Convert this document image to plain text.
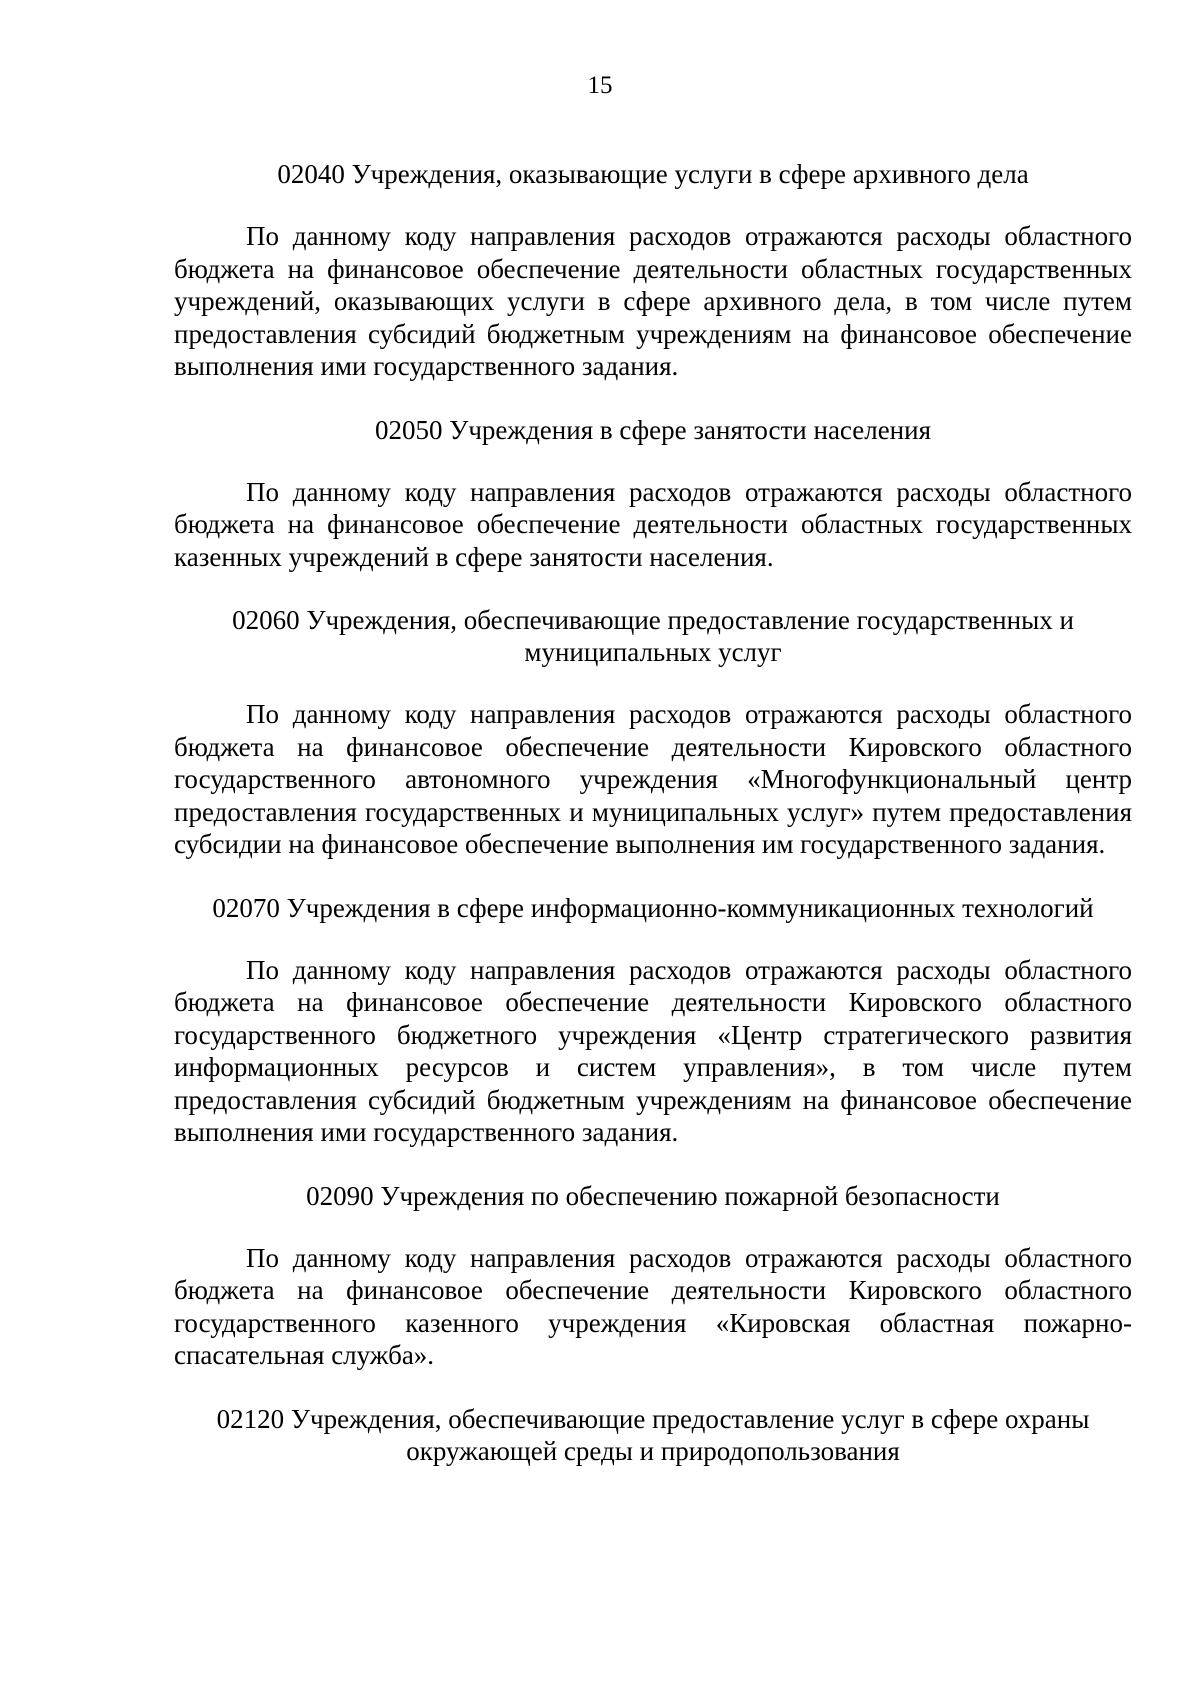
15
02040 Учреждения, оказывающие услуги в сфере архивного дела

По данному коду направления расходов отражаются расходы областного бюджета на финансовое обеспечение деятельности областных государственных учреждений, оказывающих услуги в сфере архивного дела, в том числе путем предоставления субсидий бюджетным учреждениям на финансовое обеспечение выполнения ими государственного задания.

02050 Учреждения в сфере занятости населения

По данному коду направления расходов отражаются расходы областного бюджета на финансовое обеспечение деятельности областных государственных казенных учреждений в сфере занятости населения.

02060 Учреждения, обеспечивающие предоставление государственных и муниципальных услуг

По данному коду направления расходов отражаются расходы областного бюджета на финансовое обеспечение деятельности Кировского областного государственного автономного учреждения «Многофункциональный центр предоставления государственных и муниципальных услуг» путем предоставления субсидии на финансовое обеспечение выполнения им государственного задания.

02070 Учреждения в сфере информационно-коммуникационных технологий

По данному коду направления расходов отражаются расходы областного бюджета на финансовое обеспечение деятельности Кировского областного государственного бюджетного учреждения «Центр стратегического развития информационных ресурсов и систем управления», в том числе путем предоставления субсидий бюджетным учреждениям на финансовое обеспечение выполнения ими государственного задания.

02090 Учреждения по обеспечению пожарной безопасности

По данному коду направления расходов отражаются расходы областного бюджета на финансовое обеспечение деятельности Кировского областного государственного казенного учреждения «Кировская областная пожарно-спасательная служба».

02120 Учреждения, обеспечивающие предоставление услуг в сфере охраны окружающей среды и природопользования
